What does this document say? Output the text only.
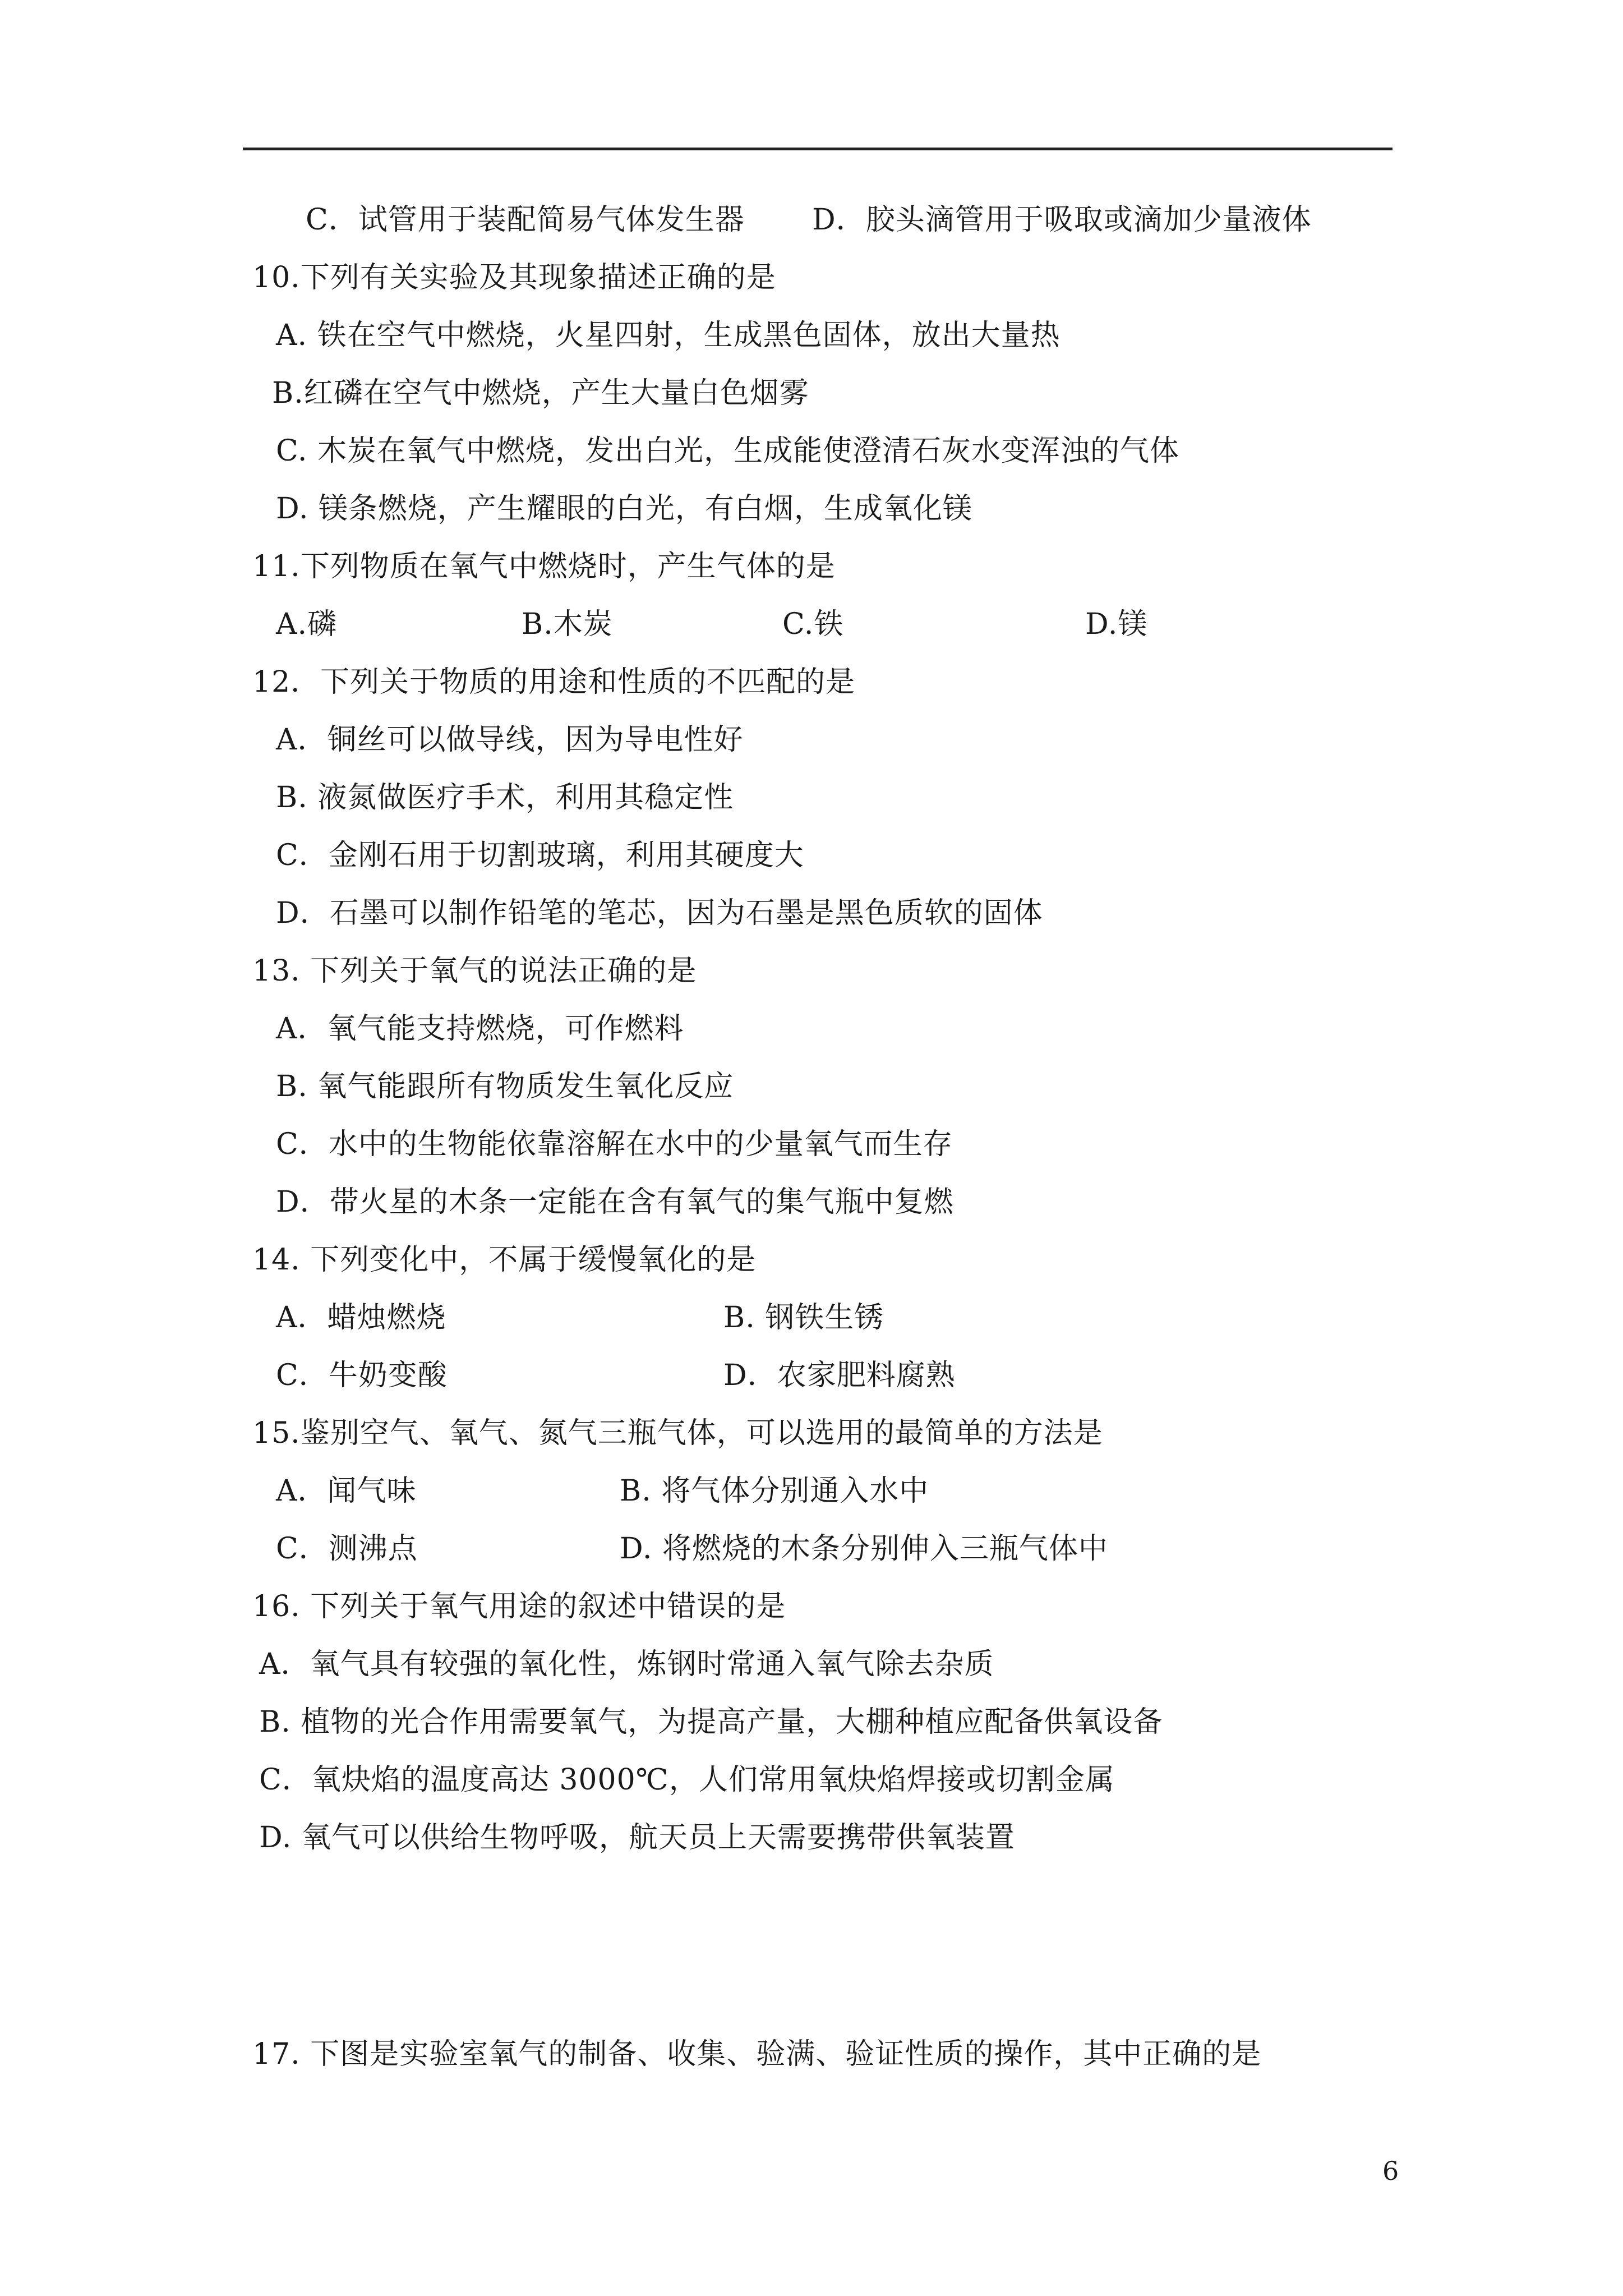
C．试管用于装配简易气体发生器 D．胶头滴管用于吸取或滴加少量液体
10.下列有关实验及其现象描述正确的是
A. 铁在空气中燃烧，火星四射，生成黑色固体，放出大量热
B.红磷在空气中燃烧，产生大量白色烟雾
C. 木炭在氧气中燃烧，发出白光，生成能使澄清石灰水变浑浊的气体
D. 镁条燃烧，产生耀眼的白光，有白烟，生成氧化镁
11.下列物质在氧气中燃烧时，产生气体的是
A.磷	B.木炭	C.铁	D.镁
12．下列关于物质的用途和性质的不匹配的是
A．铜丝可以做导线，因为导电性好
B. 液氮做医疗手术，利用其稳定性
C．金刚石用于切割玻璃，利用其硬度大
D．石墨可以制作铅笔的笔芯，因为石墨是黑色质软的固体
13. 下列关于氧气的说法正确的是
A．氧气能支持燃烧，可作燃料
B. 氧气能跟所有物质发生氧化反应
C．水中的生物能依靠溶解在水中的少量氧气而生存
D．带火星的木条一定能在含有氧气的集气瓶中复燃
14. 下列变化中，不属于缓慢氧化的是
A．蜡烛燃烧	B. 钢铁生锈
C．牛奶变酸	D．农家肥料腐熟
15.鉴别空气、氧气、氮气三瓶气体，可以选用的最简单的方法是
A．闻气味	B. 将气体分别通入水中
C．测沸点	D. 将燃烧的木条分别伸入三瓶气体中
16. 下列关于氧气用途的叙述中错误的是
A．氧气具有较强的氧化性，炼钢时常通入氧气除去杂质
B. 植物的光合作用需要氧气，为提高产量，大棚种植应配备供氧设备
C．氧炔焰的温度高达 3000℃，人们常用氧炔焰焊接或切割金属
D. 氧气可以供给生物呼吸，航天员上天需要携带供氧装置
17. 下图是实验室氧气的制备、收集、验满、验证性质的操作，其中正确的是
6
